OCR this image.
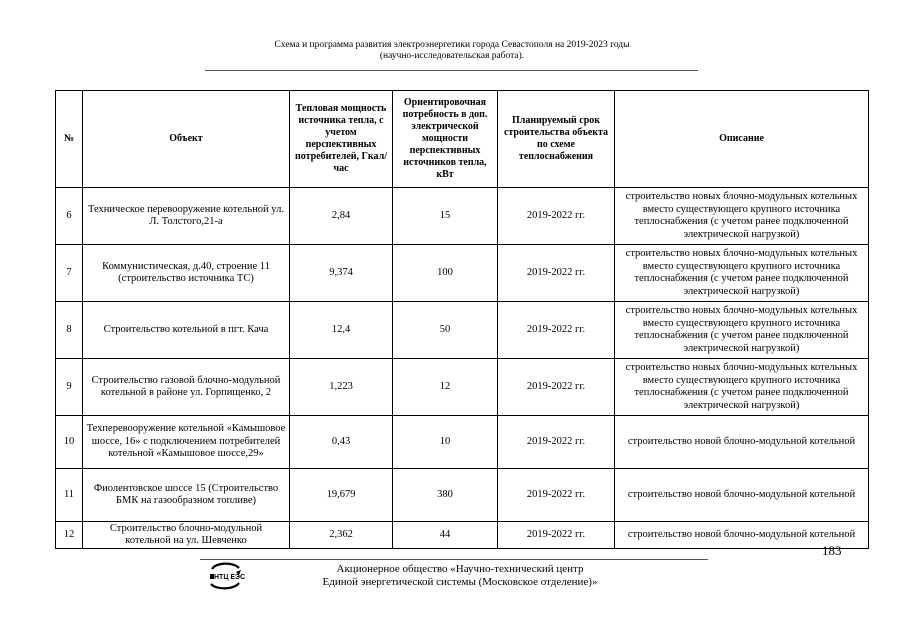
Схема и программа развития электроэнергетики города Севастополя на 2019-2023 годы
(научно-исследовательская работа).
№	Объект	Тепловая мощность источника тепла, с учетом перспективных потребителей, Гкал/час	Ориентировочная потребность в доп. электрической мощности перспективных источников тепла, кВт	Планируемый срок строительства объекта по схеме теплоснабжения	Описание
6	Техническое перевооружение котельной ул. Л. Толстого,21-а	2,84	15	2019-2022 гг.	строительство новых блочно-модульных котельных вместо существующего крупного источника теплоснабжения (с учетом ранее подключенной электрической нагрузкой)
7	Коммунистическая, д.40, строение 11 (строительство источника ТС)	9,374	100	2019-2022 гг.	строительство новых блочно-модульных котельных вместо существующего крупного источника теплоснабжения (с учетом ранее подключенной электрической нагрузкой)
8	Строительство котельной в пгт. Кача	12,4	50	2019-2022 гг.	строительство новых блочно-модульных котельных вместо существующего крупного источника теплоснабжения (с учетом ранее подключенной электрической нагрузкой)
9	Строительство газовой блочно-модульной котельной в районе ул. Горпищенко, 2	1,223	12	2019-2022 гг.	строительство новых блочно-модульных котельных вместо существующего крупного источника теплоснабжения (с учетом ранее подключенной электрической нагрузкой)
10	Техперевооружение котельной «Камышовое шоссе, 16» с подключением потребителей котельной «Камышовое шоссе,29»	0,43	10	2019-2022 гг.	строительство новой блочно-модульной котельной
11	Фиолентовское шоссе 15 (Строительство БМК на газообразном топливе)	19,679	380	2019-2022 гг.	строительство новой блочно-модульной котельной
12	Строительство блочно-модульной котельной на ул. Шевченко	2,362	44	2019-2022 гг.	строительство новой блочно-модульной котельной
183
НТЦ ЕЭС
Акционерное общество «Научно-технический центр
Единой энергетической системы (Московское отделение)»
